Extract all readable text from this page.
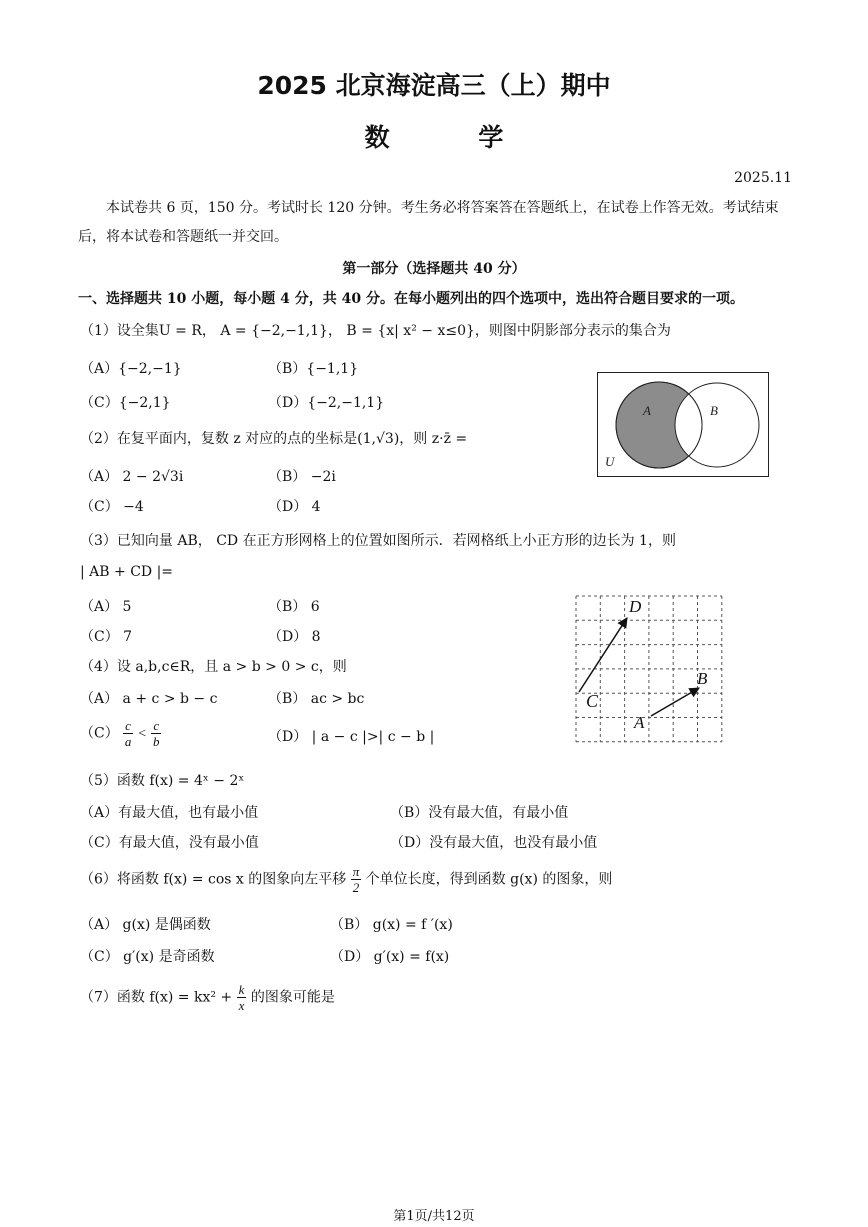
2025 北京海淀高三（上）期中
数 学
2025.11
本试卷共 6 页，150 分。考试时长 120 分钟。考生务必将答案答在答题纸上，在试卷上作答无效。考试结束后，将本试卷和答题纸一并交回。
第一部分（选择题共 40 分）
一、选择题共 10 小题，每小题 4 分，共 40 分。在每小题列出的四个选项中，选出符合题目要求的一项。
（1）设全集U = R， A = {−2,−1,1}， B = {x| x² − x≤0}，则图中阴影部分表示的集合为
（A）{−2,−1}	（B）{−1,1}
（C）{−2,1}	（D）{−2,−1,1}	A	B
U
（2）在复平面内，复数 z 对应的点的坐标是(1,√3)，则 z·z̄ =
（A） 2 − 2√3i	（B） −2i
（C） −4	（D） 4
（3）已知向量 AB， CD 在正方形网格上的位置如图所示．若网格纸上小正方形的边长为 1，则
| AB + CD |=
（A） 5	（B） 6
（C） 7	（D） 8
D
B
C
A
（4）设 a,b,c∈R，且 a > b > 0 > c，则
（A） a + c > b − c	（B） ac > bc
$(C) \frac{c}{a} < \frac{c}{b}$	（D） | a − c |>| c − b |
（5）函数 f(x) = 4ˣ − 2ˣ
（A）有最大值，也有最小值	（B）没有最大值，有最小值
（C）有最大值，没有最小值	（D）没有最大值，也没有最小值
（6）将函数 f(x) = cos x 的图象向左平移 $\frac{\pi}{2}$ 个单位长度，得到函数 g(x) 的图象，则
（A） g(x) 是偶函数	（B） g(x) = f ′(x)
（C） g′(x) 是奇函数	（D） g′(x) = f(x)
（7）函数 $f(x) = kx^2 + \frac{k}{x}$ 的图象可能是
第1页/共12页
